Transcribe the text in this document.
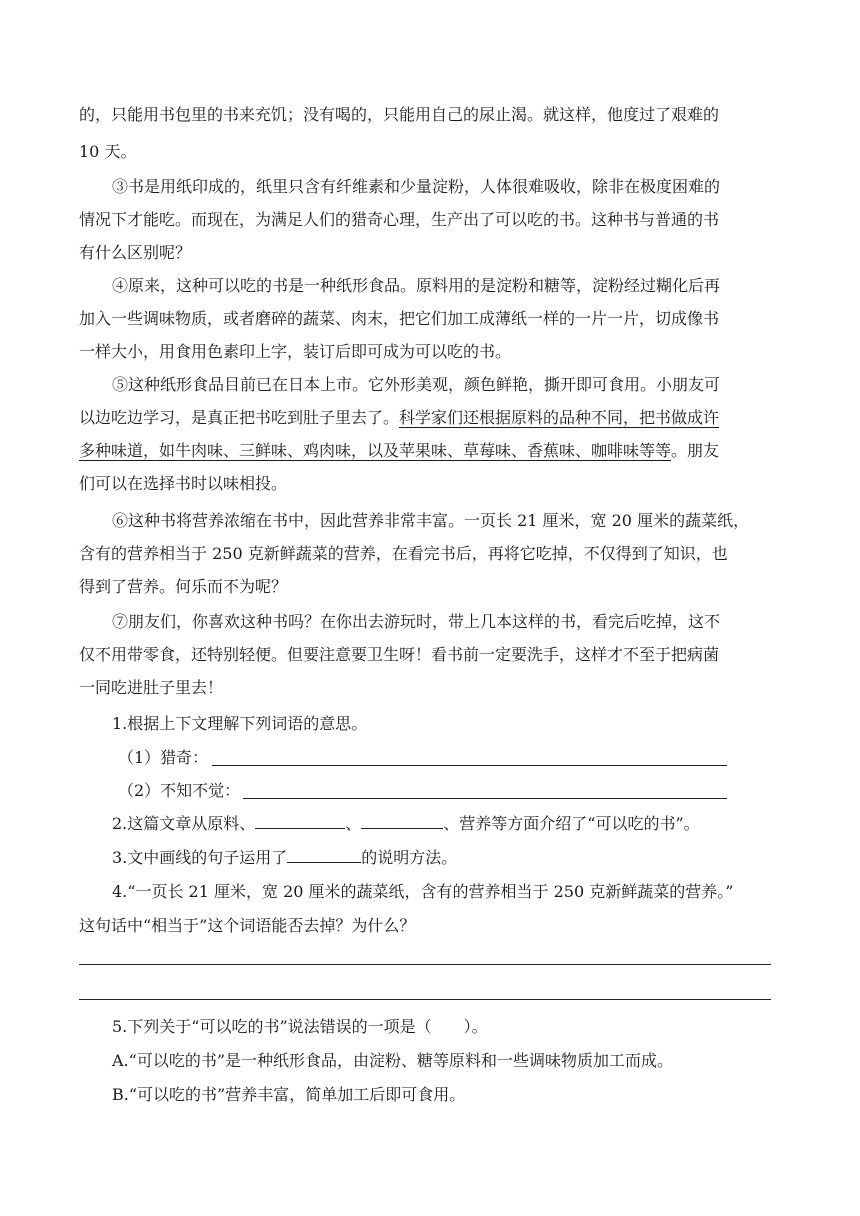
的，只能用书包里的书来充饥；没有喝的，只能用自己的尿止渴。就这样，他度过了艰难的
10 天。
③书是用纸印成的，纸里只含有纤维素和少量淀粉，人体很难吸收，除非在极度困难的
情况下才能吃。而现在，为满足人们的猎奇心理，生产出了可以吃的书。这种书与普通的书
有什么区别呢？
④原来，这种可以吃的书是一种纸形食品。原料用的是淀粉和糖等，淀粉经过糊化后再
加入一些调味物质，或者磨碎的蔬菜、肉末，把它们加工成薄纸一样的一片一片，切成像书
一样大小，用食用色素印上字，装订后即可成为可以吃的书。
⑤这种纸形食品目前已在日本上市。它外形美观，颜色鲜艳，撕开即可食用。小朋友可
以边吃边学习，是真正把书吃到肚子里去了。科学家们还根据原料的品种不同，把书做成许
多种味道，如牛肉味、三鲜味、鸡肉味，以及苹果味、草莓味、香蕉味、咖啡味等等。朋友
们可以在选择书时以味相投。
⑥这种书将营养浓缩在书中，因此营养非常丰富。一页长 21 厘米，宽 20 厘米的蔬菜纸，
含有的营养相当于 250 克新鲜蔬菜的营养，在看完书后，再将它吃掉，不仅得到了知识，也
得到了营养。何乐而不为呢？
⑦朋友们，你喜欢这种书吗？在你出去游玩时，带上几本这样的书，看完后吃掉，这不
仅不用带零食，还特别轻便。但要注意要卫生呀！看书前一定要洗手，这样才不至于把病菌
一同吃进肚子里去！
1.根据上下文理解下列词语的意思。
（1）猎奇：
（2）不知不觉：
2.这篇文章从原料、	、	、营养等方面介绍了“可以吃的书”。
3.文中画线的句子运用了	的说明方法。
4.“一页长 21 厘米，宽 20 厘米的蔬菜纸，含有的营养相当于 250 克新鲜蔬菜的营养。”
这句话中“相当于”这个词语能否去掉？为什么？
5.下列关于“可以吃的书”说法错误的一项是（　　）。
A.“可以吃的书”是一种纸形食品，由淀粉、糖等原料和一些调味物质加工而成。
B.“可以吃的书”营养丰富，简单加工后即可食用。
